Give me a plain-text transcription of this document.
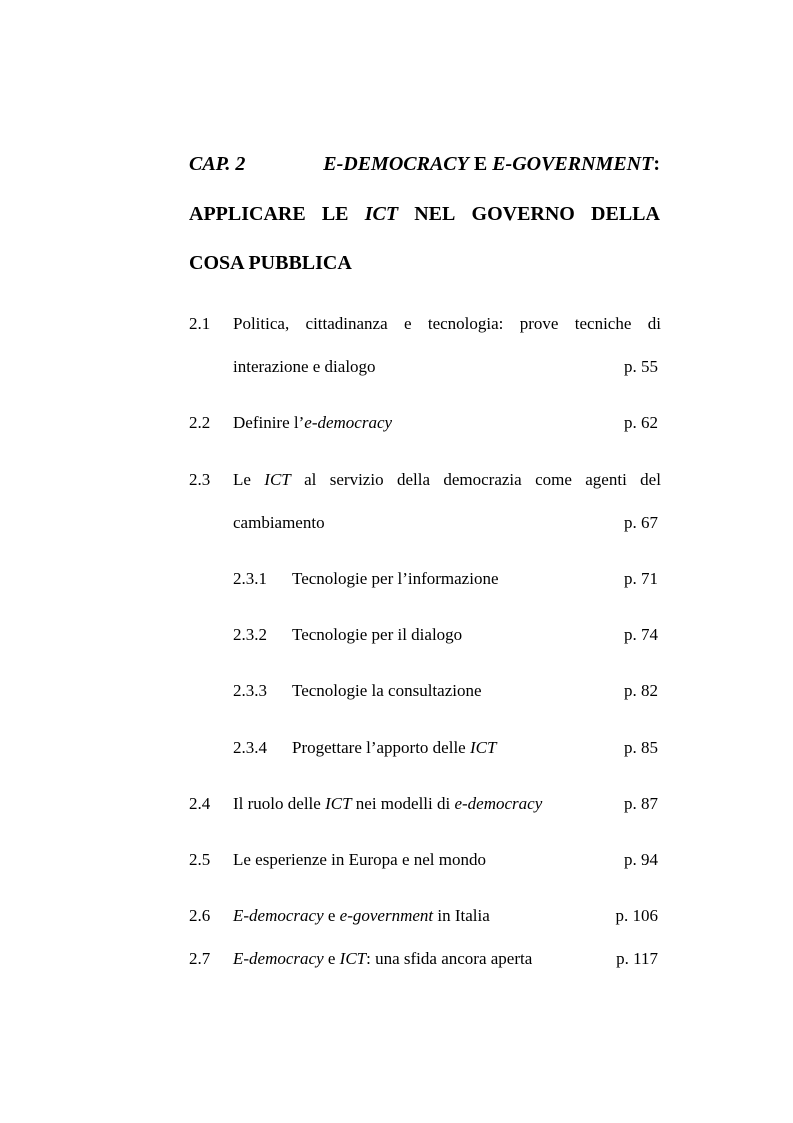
CAP. 2	E-DEMOCRACY E E-GOVERNMENT:
APPLICARE LE ICT NEL GOVERNO DELLA
COSA PUBBLICA
2.1 Politica, cittadinanza e tecnologia: prove tecniche di
interazione e dialogo	p. 55
2.2 Definire l’e-democracy	p. 62
2.3 Le ICT al servizio della democrazia come agenti del
cambiamento	p. 67
2.3.1 Tecnologie per l’informazione	p. 71
2.3.2 Tecnologie per il dialogo	p. 74
2.3.3 Tecnologie la consultazione	p. 82
2.3.4 Progettare l’apporto delle ICT	p. 85
2.4 Il ruolo delle ICT nei modelli di e-democracy	p. 87
2.5 Le esperienze in Europa e nel mondo	p. 94
2.6 E-democracy e e-government in Italia	p. 106
2.7 E-democracy e ICT: una sfida ancora aperta	p. 117
